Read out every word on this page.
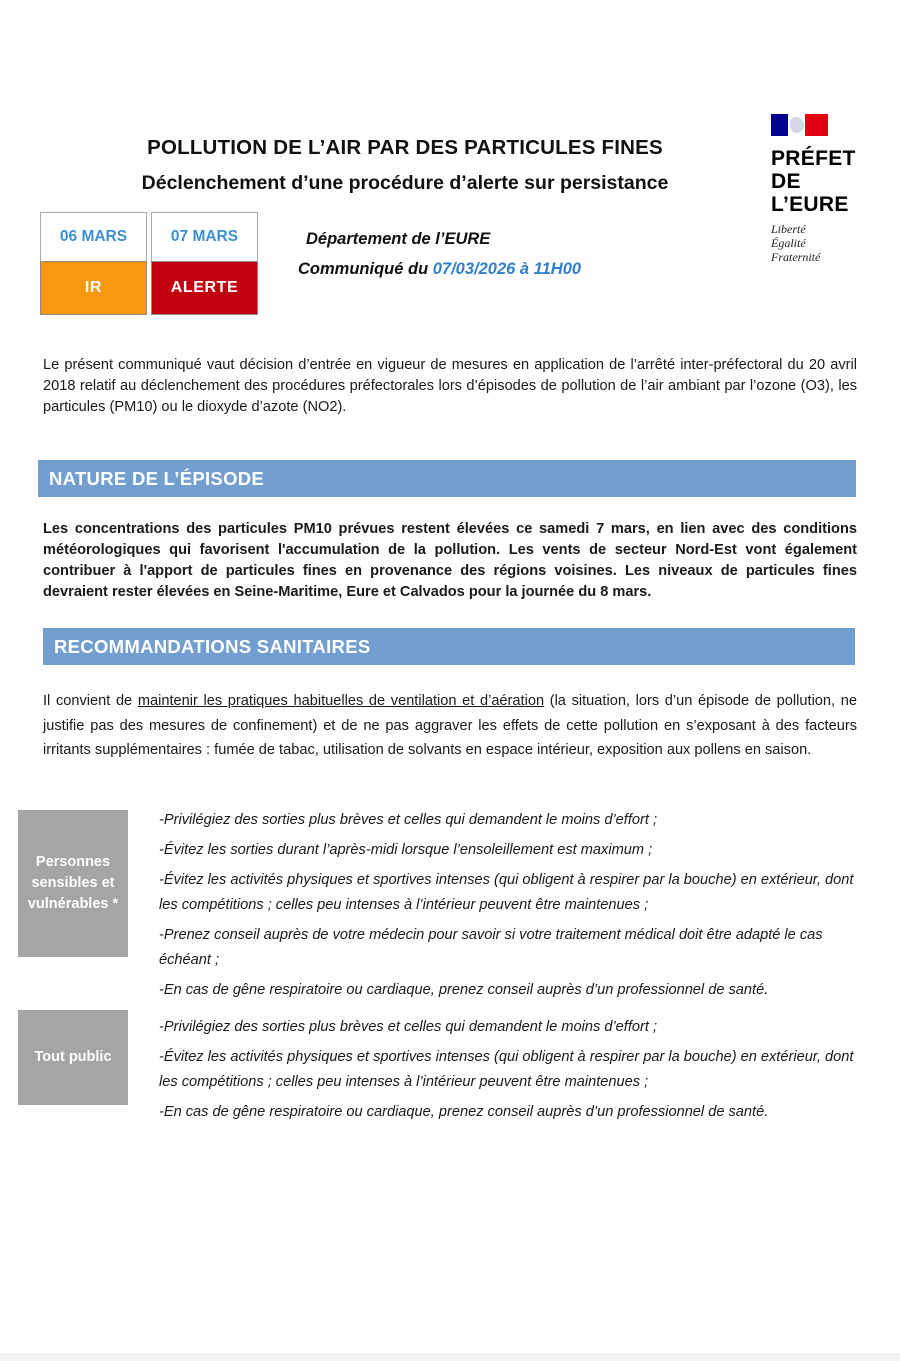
POLLUTION DE L’AIR PAR DES PARTICULES FINES
Déclenchement d’une procédure d’alerte sur persistance
PRÉFET
DE L’EURE
Liberté
Égalité
Fraternité
06 MARS
IR
07 MARS
ALERTE
Département de l’EURE
Communiqué du 07/03/2026 à 11H00
Le présent communiqué vaut décision d’entrée en vigueur de mesures en application de l’arrêté inter-préfectoral du 20 avril 2018 relatif au déclenchement des procédures préfectorales lors d’épisodes de pollution de l’air ambiant par l’ozone (O3), les particules (PM10) ou le dioxyde d’azote (NO2).
NATURE DE L’ÉPISODE
Les concentrations des particules PM10 prévues restent élevées ce samedi 7 mars, en lien avec des conditions météorologiques qui favorisent l'accumulation de la pollution. Les vents de secteur Nord-Est vont également contribuer à l'apport de particules fines en provenance des régions voisines. Les niveaux de particules fines devraient rester élevées en Seine-Maritime, Eure et Calvados pour la journée du 8 mars.
RECOMMANDATIONS SANITAIRES
Il convient de maintenir les pratiques habituelles de ventilation et d’aération (la situation, lors d’un épisode de pollution, ne justifie pas des mesures de confinement) et de ne pas aggraver les effets de cette pollution en s’exposant à des facteurs irritants supplémentaires : fumée de tabac, utilisation de solvants en espace intérieur, exposition aux pollens en saison.
Personnes sensibles et vulnérables *
-Privilégiez des sorties plus brèves et celles qui demandent le moins d’effort ;
-Évitez les sorties durant l’après-midi lorsque l’ensoleillement est maximum ;
-Évitez les activités physiques et sportives intenses (qui obligent à respirer par la bouche) en extérieur, dont les compétitions ; celles peu intenses à l’intérieur peuvent être maintenues ;
-Prenez conseil auprès de votre médecin pour savoir si votre traitement médical doit être adapté le cas échéant ;
-En cas de gêne respiratoire ou cardiaque, prenez conseil auprès d’un professionnel de santé.
Tout public
-Privilégiez des sorties plus brèves et celles qui demandent le moins d’effort ;
-Évitez les activités physiques et sportives intenses (qui obligent à respirer par la bouche) en extérieur, dont les compétitions ; celles peu intenses à l’intérieur peuvent être maintenues ;
-En cas de gêne respiratoire ou cardiaque, prenez conseil auprès d’un professionnel de santé.
